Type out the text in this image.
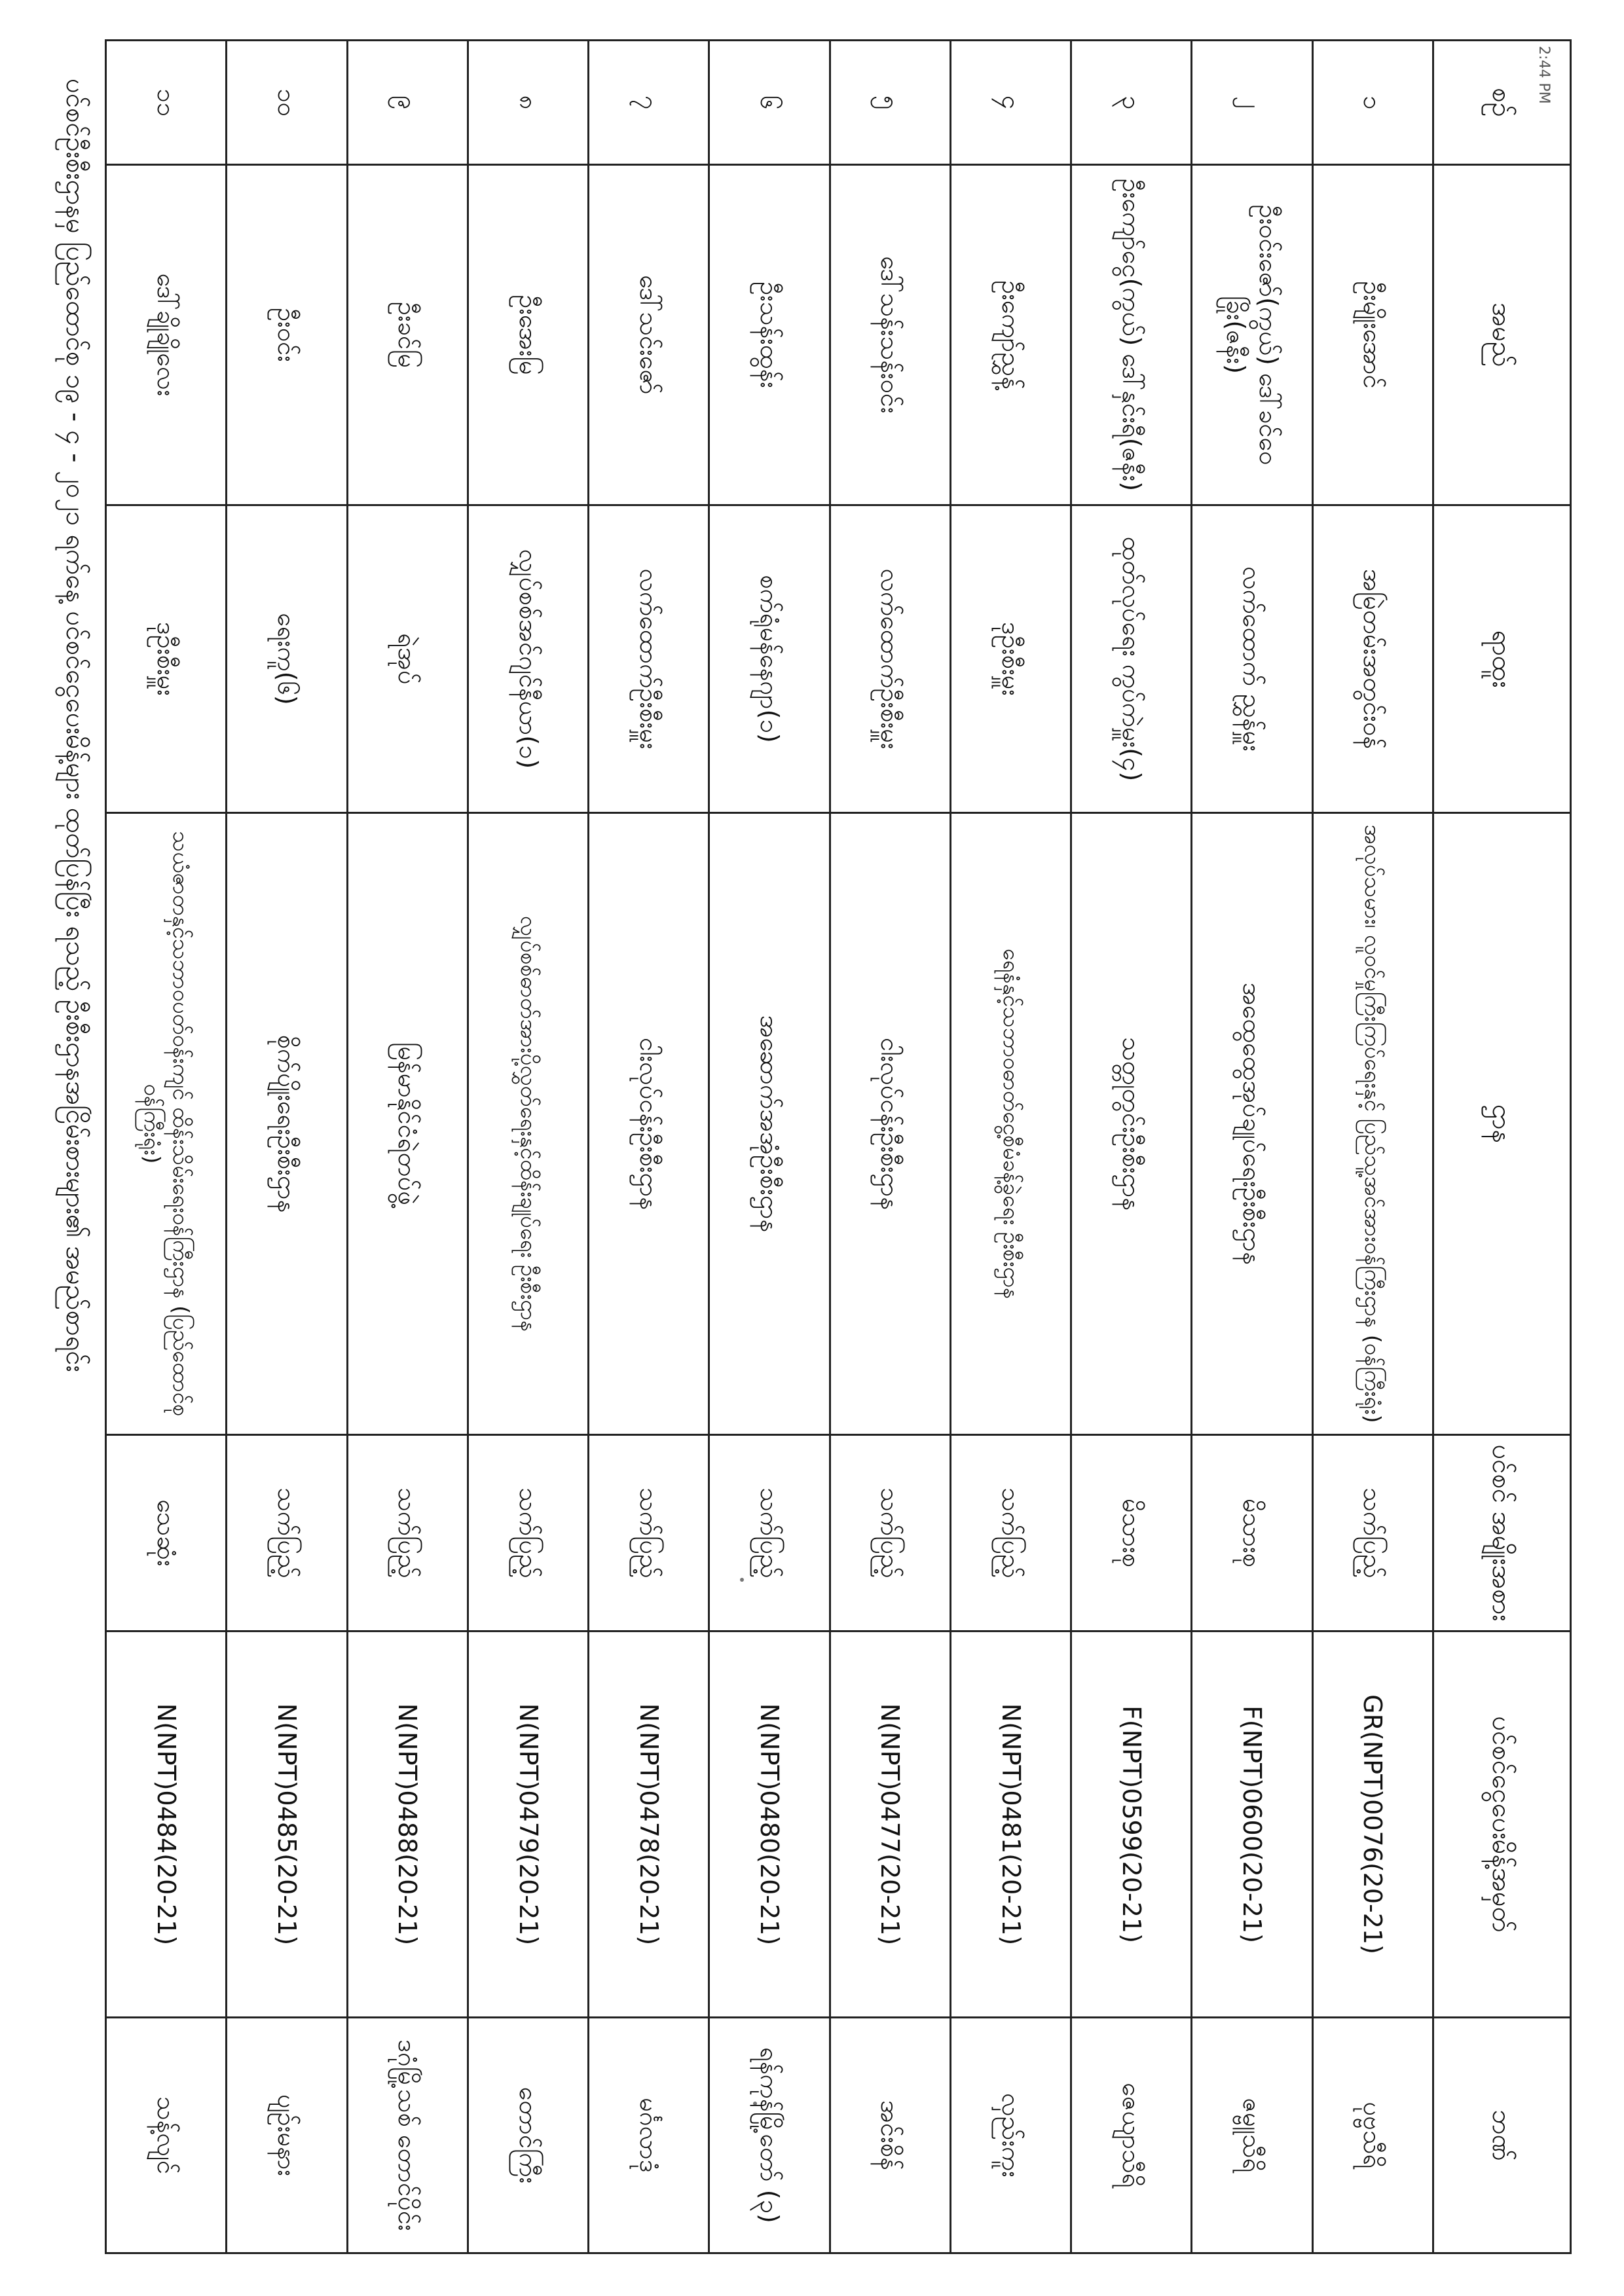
2:44 PM
စဉ်	အမည်	ရာထူး	ဌာန	ပင်စင် အမျိုးအစား	ပင်စင်ငွေပေးမိန့်အမှတ်	ဘဏ်
၁	ဦးမျိုးအောင်	အမြဲတမ်းအတွင်းဝန်	အလုပ်သမား၊ လူဝင်မှုကြီးကြပ်ရေးနှင့် ပြည်သူ့အင်အားဝန်ကြီးဌာန (ဝန်ကြီးရုံး)	သက်ပြည့်	GR(NPT)0076(20-21)	ပုဗ္ဗသီရိ
၂	ဦးဝင်းဇော်(ကွယ်) ဒေါ်ခင်ဝေခြိုး(ဇနီး)	လက်ထောက် ညွှန်မှူး	အထွေထွေအုပ်ချုပ်ရေးဦးစီးဌာန	မိသားစု	F(NPT)0600(20-21)	ဇမ္ဗူသီရိ
၃	ဦးကျော်ငွေ(ကွယ်) ဒေါ်နှင်းရီ(ဇနီး)	ထုတ်လုပ်ရေး ကွပ်ကဲမှူး(၄)	သတ္တုတွင်းဦးစီးဌာန	မိသားစု	F(NPT)0599(20-21)	ဇေယျာသီရိ
၄	ဦးကျော်ညွှန့်	ဒုဦးစီးမှူး	ရေနံနှင့်သဘာဝဓာတ်ငွေ့စီမံခန့်ခွဲရေး ဦးစီးဌာန	သက်ပြည့်	N(NPT)0481(20-21)	လှည်းကူး
၅	ဒေါ်သန်းသန်းဝင်း	လက်ထောက်ဦးစီးမှူး	ငါးလုပ်ငန်းဦးစီးဌာန	သက်ပြည့်	N(NPT)0477(20-21)	အင်းစိန်
၆	ဦးသန်းထွန်း	စက်ရုံမန်နေဂျာ(၁)	အဆောက်အအုံဦးစီးဌာန	သက်ပြည့်	N(NPT)0480(20-21)	ရန်ကုန်မြို့တော် (၃)
၇	ဒေါ်သင်းဇော်	လက်ထောက်ဦးစီးမှူး	ငါးလုပ်ငန်းဦးစီးဌာန	သက်ပြည့်	N(NPT)0478(20-21)	မင်္ဂလာဒုံ
၈	ဦးအေးမြ	လျှပ်စစ်အင်ဂျင်နီယာ(၁)	လျှပ်စစ်ဓာတ်အားပို့လွှတ်ရေးနှင့်ထိန်းချုပ်ရေး ဦးစီးဌာန	သက်ပြည့်	N(NPT)0479(20-21)	တောင်ကြီး
၉	ဦးခင်မြ	ရဲအုပ်	မြန်မာနိုင်ငံရဲတပ်ဖွဲ့	သက်ပြည့်	N(NPT)0488(20-21)	ဒဂုံမြို့သစ် တောင်ပိုင်း
၁၀	ဦးဝင်း	ရေးကူ(၆)	စိုက်ပျိုးရေးဦးစီးဌာန	သက်ပြည့်	N(NPT)0485(20-21)	ပျဉ်းမနား
၁၁	ဒေါ်ချိုချိုလေး	ဒုဦးစီးမှူး	သယံဇာတနှင့်သဘာဝပတ်ဝန်းကျင် ထိန်းသိမ်းရေးဝန်ကြီးဌာန (ပြည်ထောင်စုဝန်ကြီးရုံး)	သေဆုံး	N(NPT)0484(20-21)	သန့်လျင်
ပင်စင်ဦးစီးဌာနမှ ပြည်ထောင်စု ၁၉ - ၄ - ၂၀၂၁ ရက်နေ့ ပင်စင်ငွေပေးမိန့်များ ထုတ်ပြန်ပြီး ရသည့် ဦးစီးဌာနအငြိမ်းစားများ၏ အမည်စာရင်း
